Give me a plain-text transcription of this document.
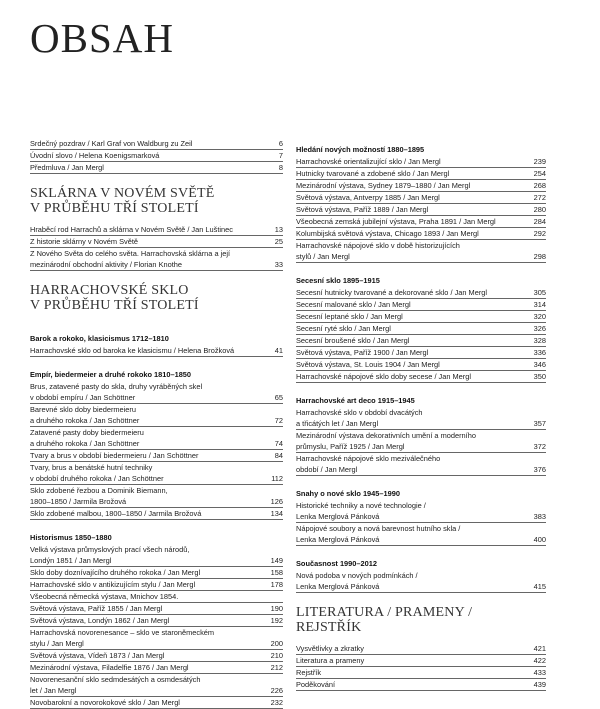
OBSAH
Srdečný pozdrav / Karl Graf von Waldburg zu Zeil	6
Úvodní slovo / Helena Koenigsmarková	7
Předmluva / Jan Mergl	8
SKLÁRNA V NOVÉM SVĚTĚ
V PRŮBĚHU TŘÍ STOLETÍ
Hraběcí rod Harrachů a sklárna v Novém Světě / Jan Luštinec	13
Z historie sklárny v Novém Světě	25
Z Nového Světa do celého světa. Harrachovská sklárna a její
mezinárodní obchodní aktivity / Florian Knothe	33
HARRACHOVSKÉ SKLO
V PRŮBĚHU TŘÍ STOLETÍ
Barok a rokoko, klasicismus 1712–1810
Harrachovské sklo od baroka ke klasicismu / Helena Brožková	41
Empír, biedermeier a druhé rokoko 1810–1850
Brus, zatavené pasty do skla, druhy vyráběných skel
v období empíru / Jan Schöttner	65
Barevné sklo doby biedermeieru
a druhého rokoka / Jan Schöttner	72
Zatavené pasty doby biedermeieru
a druhého rokoka / Jan Schöttner	74
Tvary a brus v období biedermeieru / Jan Schöttner	84
Tvary, brus a benátské hutní techniky
v období druhého rokoka / Jan Schöttner	112
Sklo zdobené řezbou a Dominik Biemann,
1800–1850 / Jarmila Brožová	126
Sklo zdobené malbou, 1800–1850 / Jarmila Brožová	134
Historismus 1850–1880
Velká výstava průmyslových prací všech národů,
Londýn 1851 / Jan Mergl	149
Sklo doby doznívajícího druhého rokoka / Jan Mergl	158
Harrachovské sklo v antikizujícím stylu / Jan Mergl	178
Všeobecná německá výstava, Mnichov 1854.
Světová výstava, Paříž 1855 / Jan Mergl	190
Světová výstava, Londýn 1862 / Jan Mergl	192
Harrachovská novorenesance – sklo ve staroněmeckém
stylu / Jan Mergl	200
Světová výstava, Vídeň 1873 / Jan Mergl	210
Mezinárodní výstava, Filadelfie 1876 / Jan Mergl	212
Novorenesanční sklo sedmdesátých a osmdesátých
let / Jan Mergl	226
Novobarokní a novorokokové sklo / Jan Mergl	232
Hledání nových možností 1880–1895
Harrachovské orientalizující sklo / Jan Mergl	239
Hutnicky tvarované a zdobené sklo / Jan Mergl	254
Mezinárodní výstava, Sydney 1879–1880 / Jan Mergl	268
Světová výstava, Antverpy 1885 / Jan Mergl	272
Světová výstava, Paříž 1889 / Jan Mergl	280
Všeobecná zemská jubilejní výstava, Praha 1891 / Jan Mergl	284
Kolumbijská světová výstava, Chicago 1893 / Jan Mergl	292
Harrachovské nápojové sklo v době historizujících
stylů / Jan Mergl	298
Secesní sklo 1895–1915
Secesní hutnicky tvarované a dekorované sklo / Jan Mergl	305
Secesní malované sklo / Jan Mergl	314
Secesní leptané sklo / Jan Mergl	320
Secesní ryté sklo / Jan Mergl	326
Secesní broušené sklo / Jan Mergl	328
Světová výstava, Paříž 1900 / Jan Mergl	336
Světová výstava, St. Louis 1904 / Jan Mergl	346
Harrachovské nápojové sklo doby secese / Jan Mergl	350
Harrachovské art deco 1915–1945
Harrachovské sklo v období dvacátých
a třicátých let / Jan Mergl	357
Mezinárodní výstava dekorativních umění a moderního
průmyslu, Paříž 1925 / Jan Mergl	372
Harrachovské nápojové sklo meziválečného
období / Jan Mergl	376
Snahy o nové sklo 1945–1990
Historické techniky a nové technologie /
Lenka Merglová Pánková	383
Nápojové soubory a nová barevnost hutního skla /
Lenka Merglová Pánková	400
Současnost 1990–2012
Nová podoba v nových podmínkách /
Lenka Merglová Pánková	415
LITERATURA / PRAMENY /
REJSTŘÍK
Vysvětlivky a zkratky	421
Literatura a prameny	422
Rejstřík	433
Poděkování	439
